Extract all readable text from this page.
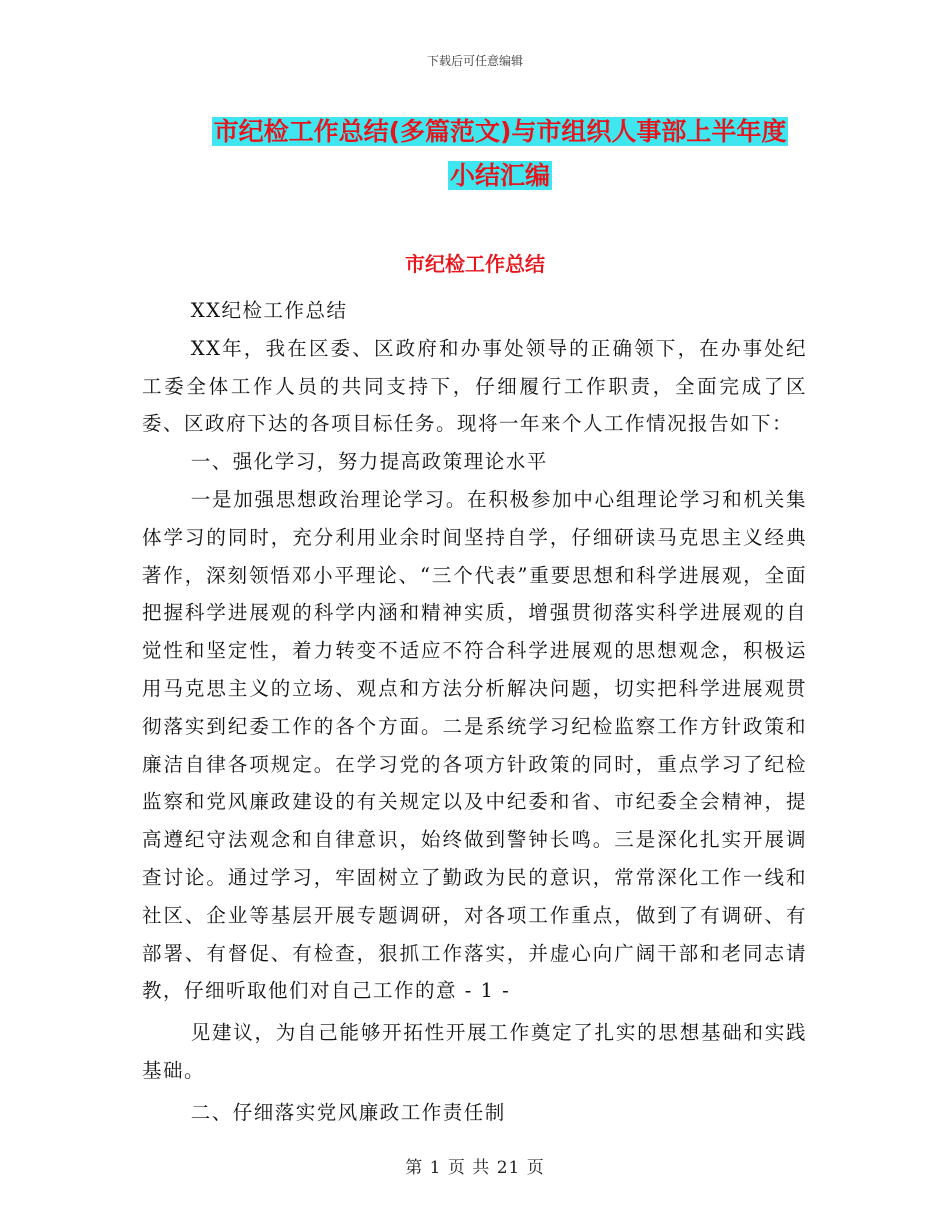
下载后可任意编辑
市纪检工作总结(多篇范文)与市组织人事部上半年度
小结汇编
市纪检工作总结

XX纪检工作总结

XX年，我在区委、区政府和办事处领导的正确领下，在办事处纪工委全体工作人员的共同支持下，仔细履行工作职责，全面完成了区委、区政府下达的各项目标任务。现将一年来个人工作情况报告如下：

一、强化学习，努力提高政策理论水平

一是加强思想政治理论学习。在积极参加中心组理论学习和机关集体学习的同时，充分利用业余时间坚持自学，仔细研读马克思主义经典著作，深刻领悟邓小平理论、“三个代表”重要思想和科学进展观，全面把握科学进展观的科学内涵和精神实质，增强贯彻落实科学进展观的自觉性和坚定性，着力转变不适应不符合科学进展观的思想观念，积极运用马克思主义的立场、观点和方法分析解决问题，切实把科学进展观贯彻落实到纪委工作的各个方面。二是系统学习纪检监察工作方针政策和廉洁自律各项规定。在学习党的各项方针政策的同时，重点学习了纪检监察和党风廉政建设的有关规定以及中纪委和省、市纪委全会精神，提高遵纪守法观念和自律意识，始终做到警钟长鸣。三是深化扎实开展调查讨论。通过学习，牢固树立了勤政为民的意识，常常深化工作一线和社区、企业等基层开展专题调研，对各项工作重点，做到了有调研、有部署、有督促、有检查，狠抓工作落实，并虚心向广阔干部和老同志请教，仔细听取他们对自己工作的意 - 1 -

见建议，为自己能够开拓性开展工作奠定了扎实的思想基础和实践基础。

二、仔细落实党风廉政工作责任制

第 1 页 共 21 页
